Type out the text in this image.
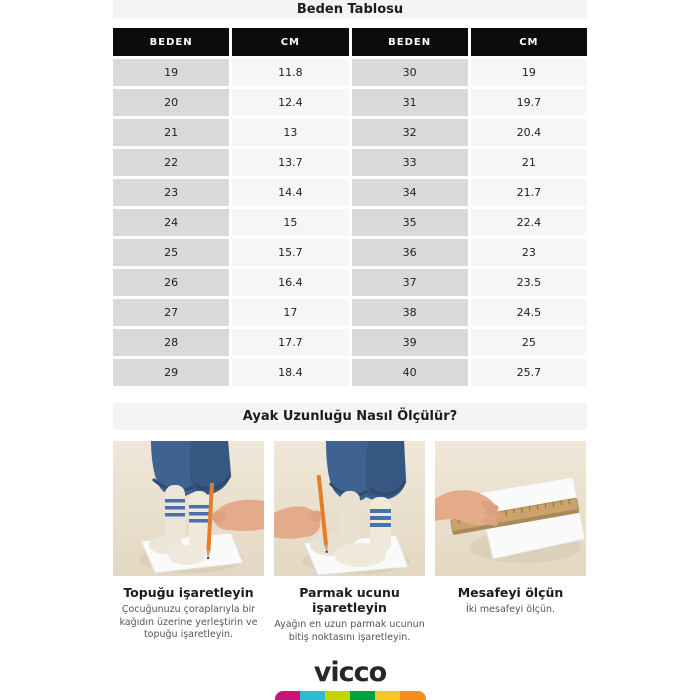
Beden Tablosu
BEDEN	CM	BEDEN	CM
19	11.8	30	19
20	12.4	31	19.7
21	13	32	20.4
22	13.7	33	21
23	14.4	34	21.7
24	15	35	22.4
25	15.7	36	23
26	16.4	37	23.5
27	17	38	24.5
28	17.7	39	25
29	18.4	40	25.7
Ayak Uzunluğu Nasıl Ölçülür?
Topuğu işaretleyin
Çocuğunuzu çoraplarıyla bir kağıdın üzerine yerleştirin ve topuğu işaretleyin.
Parmak ucunu işaretleyin
Ayağın en uzun parmak ucunun bitiş noktasını işaretleyin.
Mesafeyi ölçün
İki mesafeyi ölçün.
vicco
